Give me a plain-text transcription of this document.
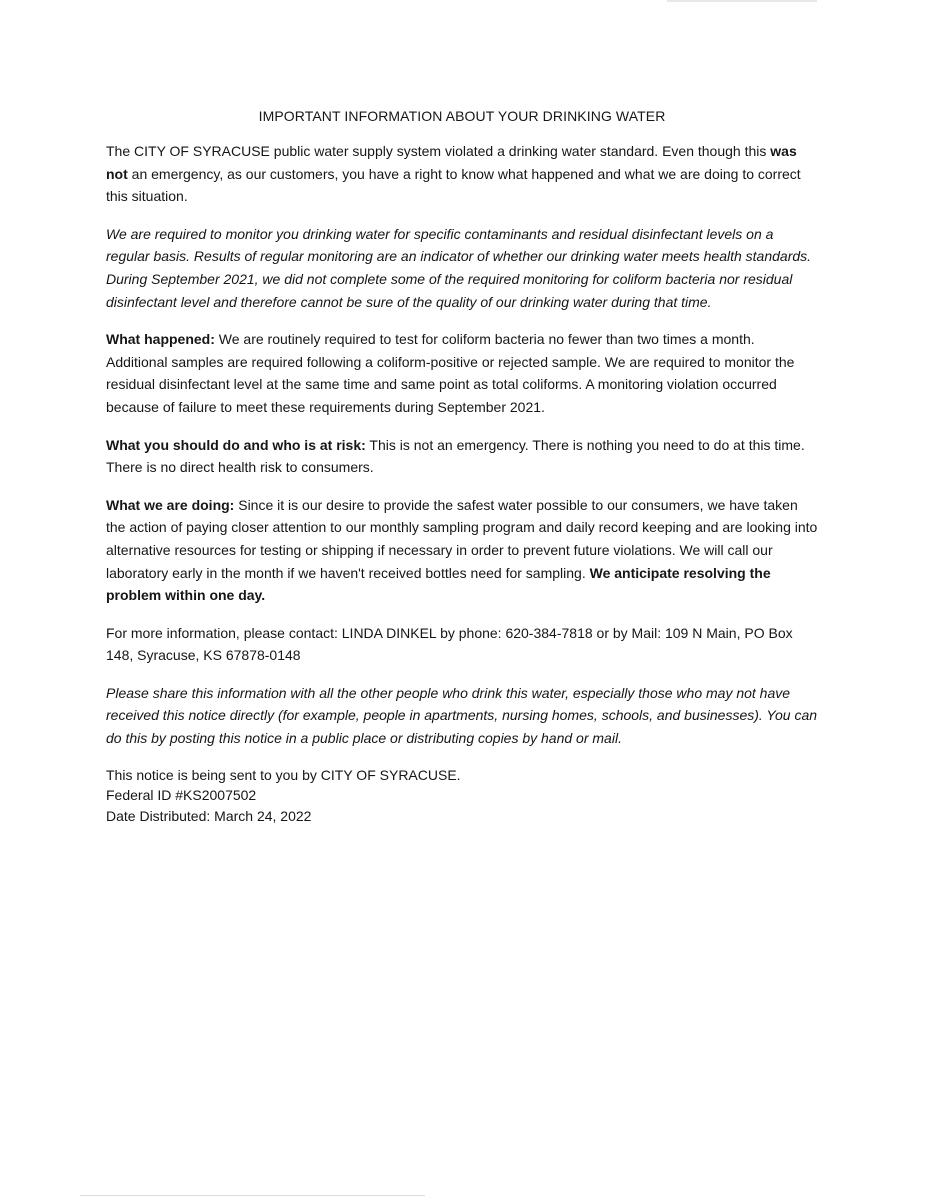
IMPORTANT INFORMATION ABOUT YOUR DRINKING WATER

The CITY OF SYRACUSE public water supply system violated a drinking water standard. Even though this was not an emergency, as our customers, you have a right to know what happened and what we are doing to correct this situation.

We are required to monitor you drinking water for specific contaminants and residual disinfectant levels on a regular basis. Results of regular monitoring are an indicator of whether our drinking water meets health standards. During September 2021, we did not complete some of the required monitoring for coliform bacteria nor residual disinfectant level and therefore cannot be sure of the quality of our drinking water during that time.

What happened: We are routinely required to test for coliform bacteria no fewer than two times a month. Additional samples are required following a coliform-positive or rejected sample. We are required to monitor the residual disinfectant level at the same time and same point as total coliforms. A monitoring violation occurred because of failure to meet these requirements during September 2021.

What you should do and who is at risk: This is not an emergency. There is nothing you need to do at this time. There is no direct health risk to consumers.

What we are doing: Since it is our desire to provide the safest water possible to our consumers, we have taken the action of paying closer attention to our monthly sampling program and daily record keeping and are looking into alternative resources for testing or shipping if necessary in order to prevent future violations. We will call our laboratory early in the month if we haven't received bottles need for sampling. We anticipate resolving the problem within one day.

For more information, please contact: LINDA DINKEL by phone: 620-384-7818 or by Mail: 109 N Main, PO Box 148, Syracuse, KS 67878-0148

Please share this information with all the other people who drink this water, especially those who may not have received this notice directly (for example, people in apartments, nursing homes, schools, and businesses). You can do this by posting this notice in a public place or distributing copies by hand or mail.

This notice is being sent to you by CITY OF SYRACUSE.
Federal ID #KS2007502
Date Distributed: March 24, 2022
